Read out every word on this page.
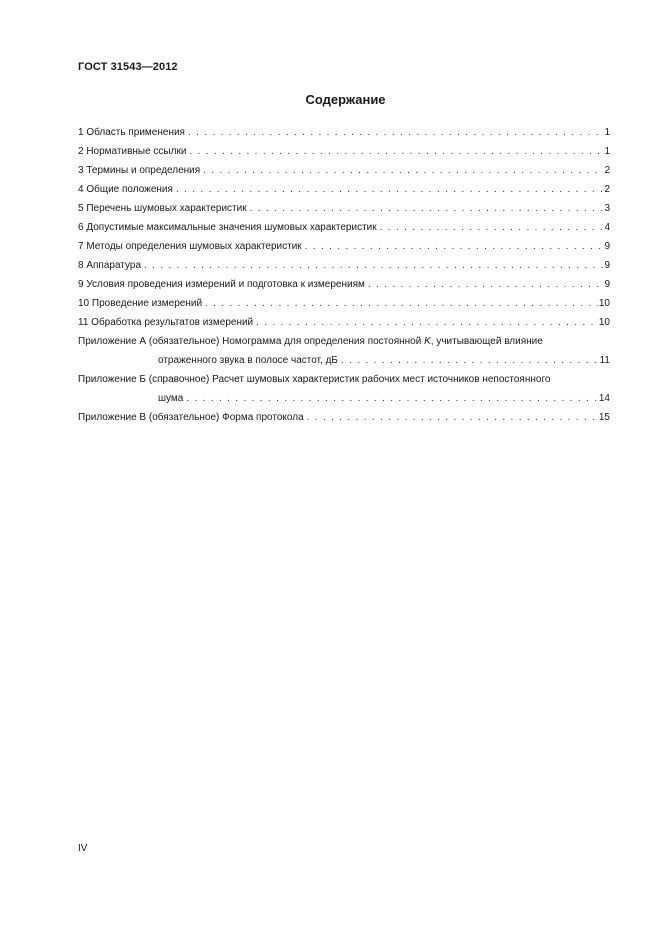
ГОСТ 31543—2012
Содержание
1 Область применения . . .	1
2 Нормативные ссылки . . .	1
3 Термины и определения . . .	2
4 Общие положения . . .	2
5 Перечень шумовых характеристик . . .	3
6 Допустимые максимальные значения шумовых характеристик . . .	4
7 Методы определения шумовых характеристик . . .	9
8 Аппаратура . . .	9
9 Условия проведения измерений и подготовка к измерениям . . .	9
10 Проведение измерений . . .	10
11 Обработка результатов измерений . . .	10
Приложение А (обязательное) Номограмма для определения постоянной K, учитывающей влияние
отраженного звука в полосе частот, дБ . . .	11
Приложение Б (справочное) Расчет шумовых характеристик рабочих мест источников непостоянного
шума . . .	14
Приложение В (обязательное) Форма протокола . . .	15
IV
